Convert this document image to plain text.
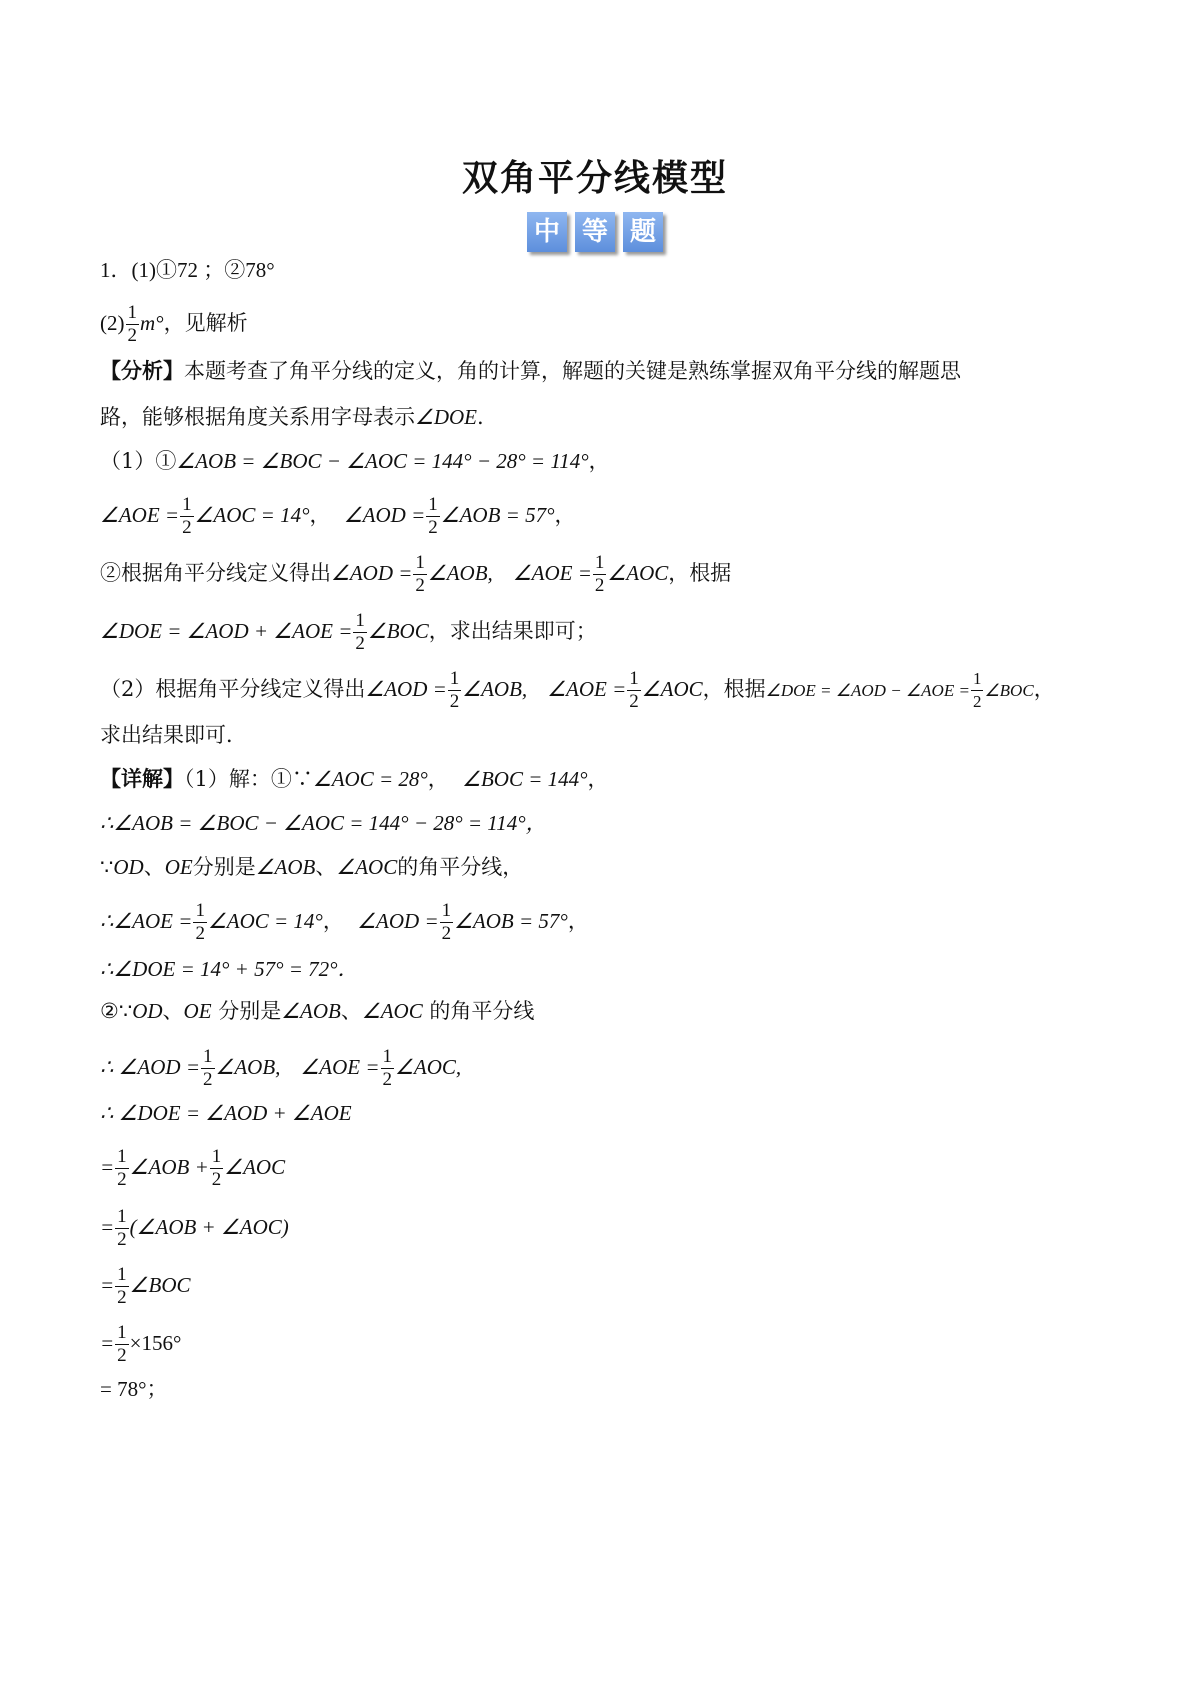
双角平分线模型
中 等 题
1．(1)①72 ；②78°
$(2) \frac{1}{2} m^\circ$，见解析
【分析】本题考查了角平分线的定义，角的计算，解题的关键是熟练掌握双角平分线的解题思
路，能够根据角度关系用字母表示∠DOE.
（1）①∠AOB = ∠BOC − ∠AOC = 144° − 28° = 114°，
∠AOE = $\frac{1}{2}$ ∠AOC = 14°， ∠AOD = $\frac{1}{2}$ ∠AOB = 57°，
②根据角平分线定义得出∠AOD = $\frac{1}{2}$ ∠AOB, ∠AOE = $\frac{1}{2}$ ∠AOC，根据
∠DOE = ∠AOD + ∠AOE = $\frac{1}{2}$ ∠BOC，求出结果即可；
（2）根据角平分线定义得出∠AOD = $\frac{1}{2}$ ∠AOB, ∠AOE = $\frac{1}{2}$ ∠AOC，根据∠DOE = ∠AOD − ∠AOE = $\frac{1}{2}$ ∠BOC，
求出结果即可．
【详解】（1）解：①∵∠AOC = 28°， ∠BOC = 144°，
∴∠AOB = ∠BOC − ∠AOC = 144° − 28° = 114°，
∵OD、OE分别是∠AOB、∠AOC的角平分线，
∴∠AOE = $\frac{1}{2}$ ∠AOC = 14°， ∠AOD = $\frac{1}{2}$ ∠AOB = 57°，
∴∠DOE = 14° + 57° = 72°．
②∵OD、OE 分别是∠AOB、∠AOC 的角平分线
∴ ∠AOD = $\frac{1}{2}$ ∠AOB, ∠AOE = $\frac{1}{2}$ ∠AOC,
∴ ∠DOE = ∠AOD + ∠AOE
= $\frac{1}{2}$ ∠AOB + $\frac{1}{2}$ ∠AOC
= $\frac{1}{2}$ (∠AOB + ∠AOC)
= $\frac{1}{2}$ ∠BOC
= $\frac{1}{2} \times 156^\circ$
= 78°；
